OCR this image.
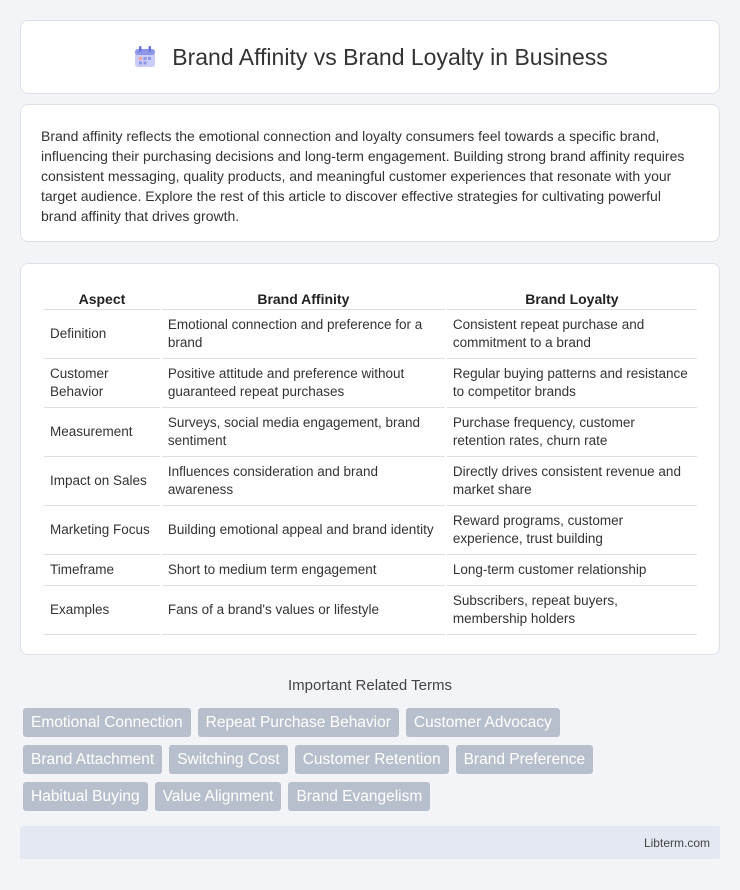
Brand Affinity vs Brand Loyalty in Business

Brand affinity reflects the emotional connection and loyalty consumers feel towards a specific brand, influencing their purchasing decisions and long-term engagement. Building strong brand affinity requires consistent messaging, quality products, and meaningful customer experiences that resonate with your target audience. Explore the rest of this article to discover effective strategies for cultivating powerful brand affinity that drives growth.

Aspect	Brand Affinity	Brand Loyalty
Definition	Emotional connection and preference for a brand	Consistent repeat purchase and commitment to a brand
Customer Behavior	Positive attitude and preference without guaranteed repeat purchases	Regular buying patterns and resistance to competitor brands
Measurement	Surveys, social media engagement, brand sentiment	Purchase frequency, customer retention rates, churn rate
Impact on Sales	Influences consideration and brand awareness	Directly drives consistent revenue and market share
Marketing Focus	Building emotional appeal and brand identity	Reward programs, customer experience, trust building
Timeframe	Short to medium term engagement	Long-term customer relationship
Examples	Fans of a brand's values or lifestyle	Subscribers, repeat buyers, membership holders
Important Related Terms
Emotional Connection	Repeat Purchase Behavior	Customer Advocacy
Brand Attachment	Switching Cost	Customer Retention	Brand Preference
Habitual Buying	Value Alignment	Brand Evangelism
Libterm.com
